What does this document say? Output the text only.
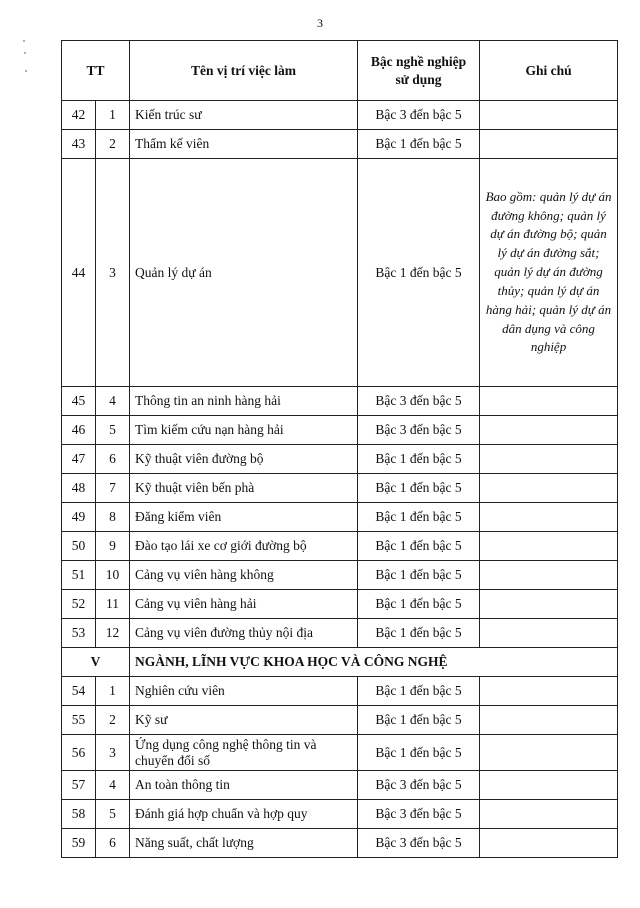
3
TT		Tên vị trí việc làm	Bậc nghề nghiệp sử dụng	Ghi chú
42	1	Kiến trúc sư	Bậc 3 đến bậc 5	
43	2	Thẩm kế viên	Bậc 1 đến bậc 5	
44	3	Quản lý dự án	Bậc 1 đến bậc 5	Bao gồm: quản lý dự án đường không; quản lý dự án đường bộ; quản lý dự án đường sắt; quản lý dự án đường thủy; quản lý dự án hàng hải; quản lý dự án dân dụng và công nghiệp
45	4	Thông tin an ninh hàng hải	Bậc 3 đến bậc 5	
46	5	Tìm kiếm cứu nạn hàng hải	Bậc 3 đến bậc 5	
47	6	Kỹ thuật viên đường bộ	Bậc 1 đến bậc 5	
48	7	Kỹ thuật viên bến phà	Bậc 1 đến bậc 5	
49	8	Đăng kiểm viên	Bậc 1 đến bậc 5	
50	9	Đào tạo lái xe cơ giới đường bộ	Bậc 1 đến bậc 5	
51	10	Cảng vụ viên hàng không	Bậc 1 đến bậc 5	
52	11	Cảng vụ viên hàng hải	Bậc 1 đến bậc 5	
53	12	Cảng vụ viên đường thủy nội địa	Bậc 1 đến bậc 5	
V		NGÀNH, LĨNH VỰC KHOA HỌC VÀ CÔNG NGHỆ		
54	1	Nghiên cứu viên	Bậc 1 đến bậc 5	
55	2	Kỹ sư	Bậc 1 đến bậc 5	
56	3	Ứng dụng công nghệ thông tin và chuyển đổi số	Bậc 1 đến bậc 5	
57	4	An toàn thông tin	Bậc 3 đến bậc 5	
58	5	Đánh giá hợp chuẩn và hợp quy	Bậc 3 đến bậc 5	
59	6	Năng suất, chất lượng	Bậc 3 đến bậc 5	
